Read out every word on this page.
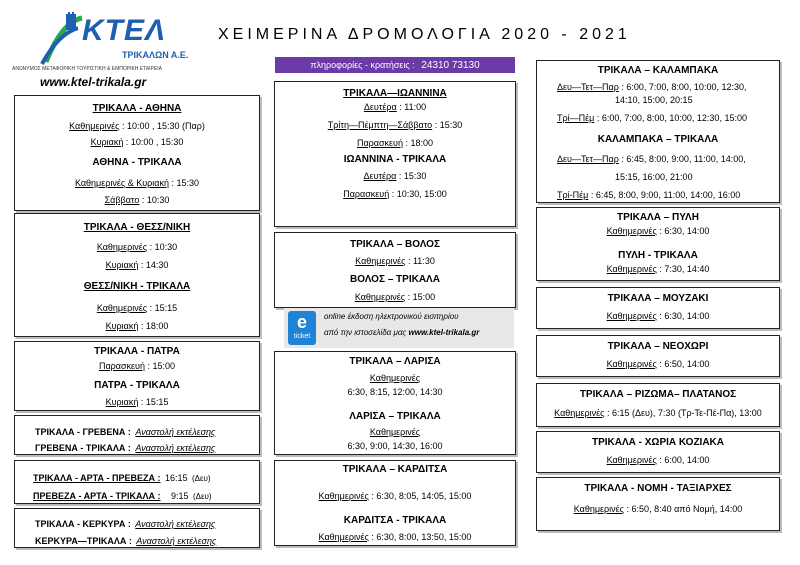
ΚΤΕΛ
ΤΡΙΚΑΛΩΝ Α.Ε.
ΑΝΩΝΥΜΟΣ ΜΕΤΑΦΟΡΙΚΗ ΤΟΥΡΙΣΤΙΚΗ & ΕΜΠΟΡΙΚΗ ΕΤΑΙΡΕΙΑ
www.ktel-trikala.gr
ΧΕΙΜΕΡΙΝΑ ΔΡΟΜΟΛΟΓΙΑ 2020 - 2021
πληροφορίες - κρατήσεις : 24310 73130
ΤΡΙΚΑΛΑ - ΑΘΗΝΑ
Καθημερινές : 10:00 , 15:30 (Παρ)
Κυριακή : 10:00 , 15:30
ΑΘΗΝΑ - ΤΡΙΚΑΛΑ
Καθημερινές & Κυριακή : 15:30
Σάββατο : 10:30
ΤΡΙΚΑΛΑ - ΘΕΣΣ/ΝΙΚΗ
Καθημερινές : 10:30
Κυριακή : 14:30
ΘΕΣΣ/ΝΙΚΗ - ΤΡΙΚΑΛΑ
Καθημερινές : 15:15
Κυριακή : 18:00
ΤΡΙΚΑΛΑ - ΠΑΤΡΑ
Παρασκευή : 15:00
ΠΑΤΡΑ - ΤΡΙΚΑΛΑ
Κυριακή : 15:15
ΤΡΙΚΑΛΑ - ΓΡΕΒΕΝΑ : Αναστολή εκτέλεσης
ΓΡΕΒΕΝΑ - ΤΡΙΚΑΛΑ : Αναστολή εκτέλεσης
ΤΡΙΚΑΛΑ - ΑΡΤΑ - ΠΡΕΒΕΖΑ : 16:15 (Δευ)
ΠΡΕΒΕΖΑ - ΑΡΤΑ - ΤΡΙΚΑΛΑ : 9:15 (Δευ)
ΤΡΙΚΑΛΑ - ΚΕΡΚΥΡΑ : Αναστολή εκτέλεσης
ΚΕΡΚΥΡΑ—ΤΡΙΚΑΛΑ : Αναστολή εκτέλεσης
ΤΡΙΚΑΛΑ—ΙΩΑΝΝΙΝΑ
Δευτέρα : 11:00
Τρίτη—Πέμπτη—Σάββατο : 15:30
Παρασκευή : 18:00
ΙΩΑΝΝΙΝΑ - ΤΡΙΚΑΛΑ
Δευτέρα : 15:30
Παρασκευή : 10:30, 15:00
ΤΡΙΚΑΛΑ – ΒΟΛΟΣ
Καθημερινές : 11:30
ΒΟΛΟΣ – ΤΡΙΚΑΛΑ
Καθημερινές : 15:00
e
ticket
online έκδοση ηλεκτρονικού εισιτηρίου
από την ιστοσελίδα μας www.ktel-trikala.gr
ΤΡΙΚΑΛΑ – ΛΑΡΙΣΑ
Καθημερινές
6:30, 8:15, 12:00, 14:30
ΛΑΡΙΣΑ – ΤΡΙΚΑΛΑ
Καθημερινές
6:30, 9:00, 14:30, 16:00
ΤΡΙΚΑΛΑ – ΚΑΡΔΙΤΣΑ
Καθημερινές : 6:30, 8:05, 14:05, 15:00
ΚΑΡΔΙΤΣΑ - ΤΡΙΚΑΛΑ
Καθημερινές : 6:30, 8:00, 13:50, 15:00
ΤΡΙΚΑΛΑ – ΚΑΛΑΜΠΑΚΑ
Δευ—Τετ—Παρ : 6:00, 7:00, 8:00, 10:00, 12:30,
14:10, 15:00, 20:15
Τρί—Πέμ : 6:00, 7:00, 8:00, 10:00, 12:30, 15:00
ΚΑΛΑΜΠΑΚΑ – ΤΡΙΚΑΛΑ
Δευ—Τετ—Παρ : 6:45, 8:00, 9:00, 11:00, 14:00,
15:15, 16:00, 21:00
Τρί-Πέμ : 6:45, 8:00, 9:00, 11:00, 14:00, 16:00
ΤΡΙΚΑΛΑ – ΠΥΛΗ
Καθημερινές : 6:30, 14:00
ΠΥΛΗ - ΤΡΙΚΑΛΑ
Καθημερινές : 7:30, 14:40
ΤΡΙΚΑΛΑ – ΜΟΥΖΑΚΙ
Καθημερινές : 6:30, 14:00
ΤΡΙΚΑΛΑ – ΝΕΟΧΩΡΙ
Καθημερινές : 6:50, 14:00
ΤΡΙΚΑΛΑ – ΡΙΖΩΜΑ– ΠΛΑΤΑΝΟΣ
Καθημερινές : 6:15 (Δευ), 7:30 (Τρ-Τε-Πέ-Πα), 13:00
ΤΡΙΚΑΛΑ - ΧΩΡΙΑ ΚΟΖΙΑΚΑ
Καθημερινές : 6:00, 14:00
ΤΡΙΚΑΛΑ - ΝΟΜΗ - ΤΑΞΙΑΡΧΕΣ
Καθημερινές : 6:50, 8:40 από Νομή, 14:00
